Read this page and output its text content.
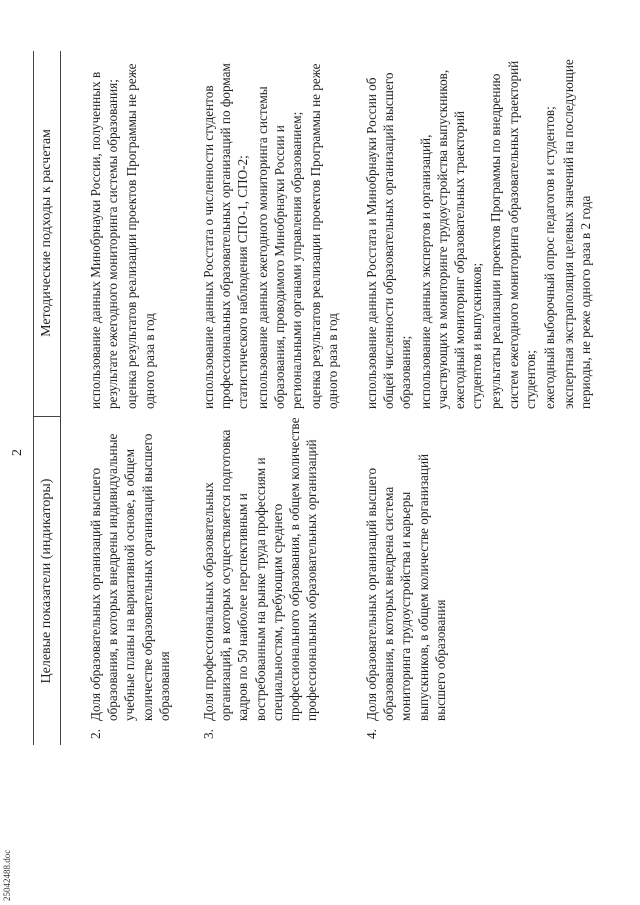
2
25042488.doc
Целевые показатели (индикаторы)
Методические подходы к расчетам
2.
Доля образовательных организаций высшего образования, в которых внедрены индивидуальные учебные планы на вариативной основе, в общем количестве образовательных организаций высшего образования

использование данных Минобрнауки России, полученных в результате ежегодного мониторинга системы образования; оценка результатов реализации проектов Программы не реже одного раза в год

3.
Доля профессиональных образовательных организаций, в которых осуществляется подготовка кадров по 50 наиболее перспективным и востребованным на рынке труда профессиям и специальностям, требующим среднего профессионального образования, в общем количестве профессиональных образовательных организаций

использование данных Росстата о численности студентов профессиональных образовательных организаций по формам статистического наблюдения СПО-1, СПО-2; использование данных ежегодного мониторинга системы образования, проводимого Минобрнауки России и региональными органами управления образованием; оценка результатов реализации проектов Программы не реже одного раза в год

4.
Доля образовательных организаций высшего образования, в которых внедрена система мониторинга трудоустройства и карьеры выпускников, в общем количестве организаций высшего образования

использование данных Росстата и Минобрнауки России об общей численности образовательных организаций высшего образования; использование данных экспертов и организаций, участвующих в мониторинге трудоустройства выпускников, ежегодный мониторинг образовательных траекторий студентов и выпускников; результаты реализации проектов Программы по внедрению систем ежегодного мониторинга образовательных траекторий студентов; ежегодный выборочный опрос педагогов и студентов; экспертная экстраполяция целевых значений на последующие периоды, не реже одного раза в 2 года
